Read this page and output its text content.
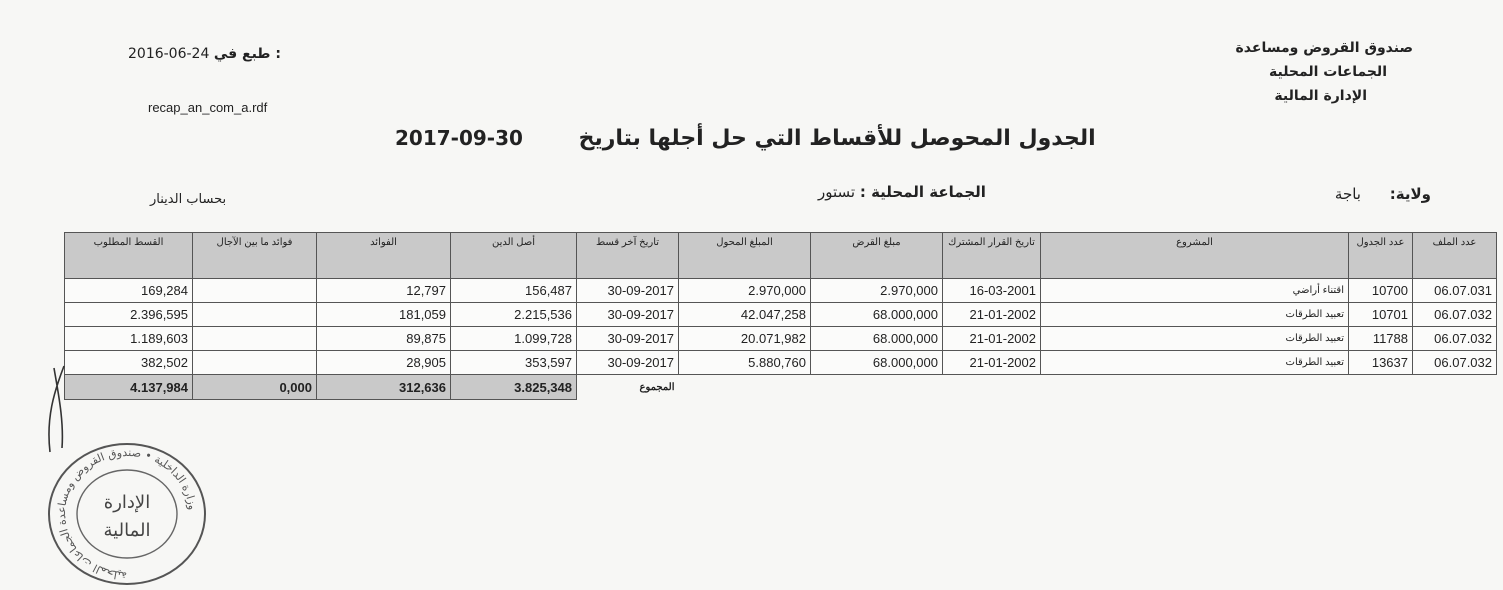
صندوق القروض ومساعدة
الجماعات المحلية
الإدارة المالية
2016-06-24 طبع في :
recap_an_com_a.rdf
2017-09-30	الجدول المحوصل للأقساط التي حل أجلها بتاريخ
ولاية: باجة
الجماعة المحلية : تستور
بحساب الدينار
القسط المطلوب	فوائد ما بين الآجال	الفوائد	أصل الدين	تاريخ آخر قسط	المبلغ المحول	مبلغ القرض	تاريخ القرار المشترك	المشروع	عدد الجدول	عدد الملف
169,284		12,797	156,487	30-09-2017	2.970,000	2.970,000	16-03-2001	اقتناء أراضي	10700	06.07.031
2.396,595		181,059	2.215,536	30-09-2017	42.047,258	68.000,000	21-01-2002	تعبيد الطرقات	10701	06.07.032
1.189,603		89,875	1.099,728	30-09-2017	20.071,982	68.000,000	21-01-2002	تعبيد الطرقات	11788	06.07.032
382,502		28,905	353,597	30-09-2017	5.880,760	68.000,000	21-01-2002	تعبيد الطرقات	13637	06.07.032
4.137,984	0,000	312,636	3.825,348	المجموع						
وزارة الداخلية • صندوق القروض ومساعدة الجماعات المحلية
الإدارة
المالية
